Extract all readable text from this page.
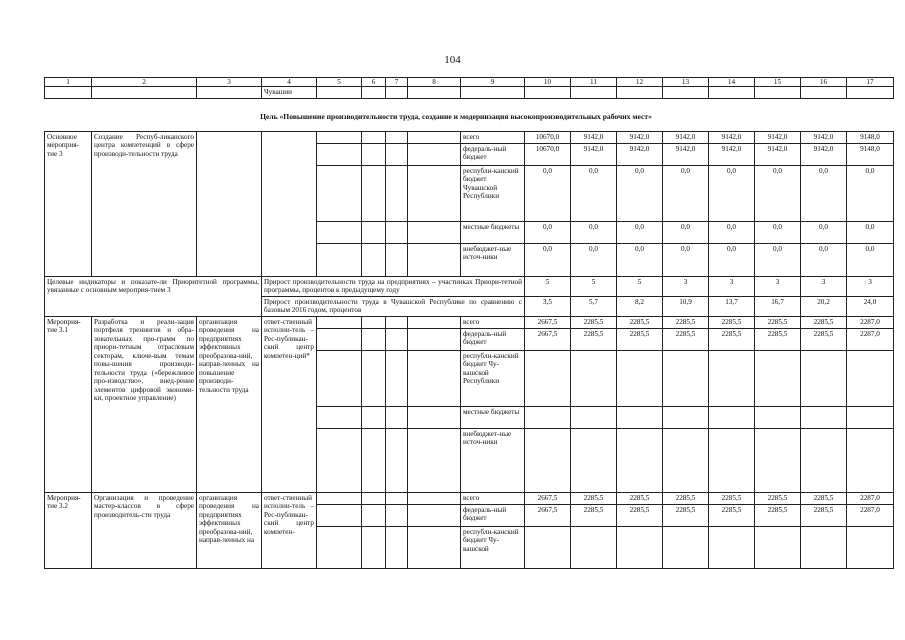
104
1	2	3	4	5	6	7	8	9	10	11	12	13	14	15	16	17
			Чувашии													
Цель «Повышение производительности труда, создание и модернизация высокопроизводительных рабочих мест»
Основное мероприя-тие 3	Создание Респуб-ликанского центра компетенций в сфере производи-тельности труда							всего	10670,0	9142,0	9142,0	9142,0	9142,0	9142,0	9142,0	9148,0
								федераль-ный бюджет	10670,0	9142,0	9142,0	9142,0	9142,0	9142,0	9142,0	9148,0
								республи-канский бюджет Чувашской Республики	0,0	0,0	0,0	0,0	0,0	0,0	0,0	0,0
								местные бюджеты	0,0	0,0	0,0	0,0	0,0	0,0	0,0	0,0
								внебюджет-ные источ-ники	0,0	0,0	0,0	0,0	0,0	0,0	0,0	0,0
Целевые индикаторы и показате-ли Приоритетной программы, увязанные с основным мероприя-тием 3			Прирост производительности труда на предприятиях – участниках Приори-тетной программы, процентов к предыдущему году						5	5	5	3	3	3	3	3
			Прирост производительности труда в Чувашской Республике по сравнению с базовым 2016 годом, процентов						3,5	5,7	8,2	10,9	13,7	16,7	20,2	24,0
Мероприя-тие 3.1	Разработка и реали-зация портфеля тренингов и обра-зовательных про-грамм по приори-тетным отраслевым секторам, ключе-вым темам повы-шения производи-тельности труда («бережливое про-изводство», внед-рение элементов цифровой экономи-ки, проектное управление)	организация проведения на предприятиях эффективных преобразова-ний, направ-ленных на повышение производи-тельности труда	ответ-ственный исполни-тель – Рес-публикан-ский центр компетен-ций*					всего	2667,5	2285,5	2285,5	2285,5	2285,5	2285,5	2285,5	2287,0
								федераль-ный бюджет	2667,5	2285,5	2285,5	2285,5	2285,5	2285,5	2285,5	2287,0
								республи-канский бюджет Чу-вашской Республики								
								местные бюджеты								
								внебюджет-ные источ-ники								
Мероприя-тие 3.2	Организация и проведение мастер-классов в сфере производитель-сти труда	организация проведения на предприятиях эффективных преобразова-ний, направ-ленных на	ответ-ственный исполни-тель – Рес-публикан-ский центр компетен-					всего	2667,5	2285,5	2285,5	2285,5	2285,5	2285,5	2285,5	2287,0
								федераль-ный бюджет	2667,5	2285,5	2285,5	2285,5	2285,5	2285,5	2285,5	2287,0
								республи-канский бюджет Чу-вашской								
